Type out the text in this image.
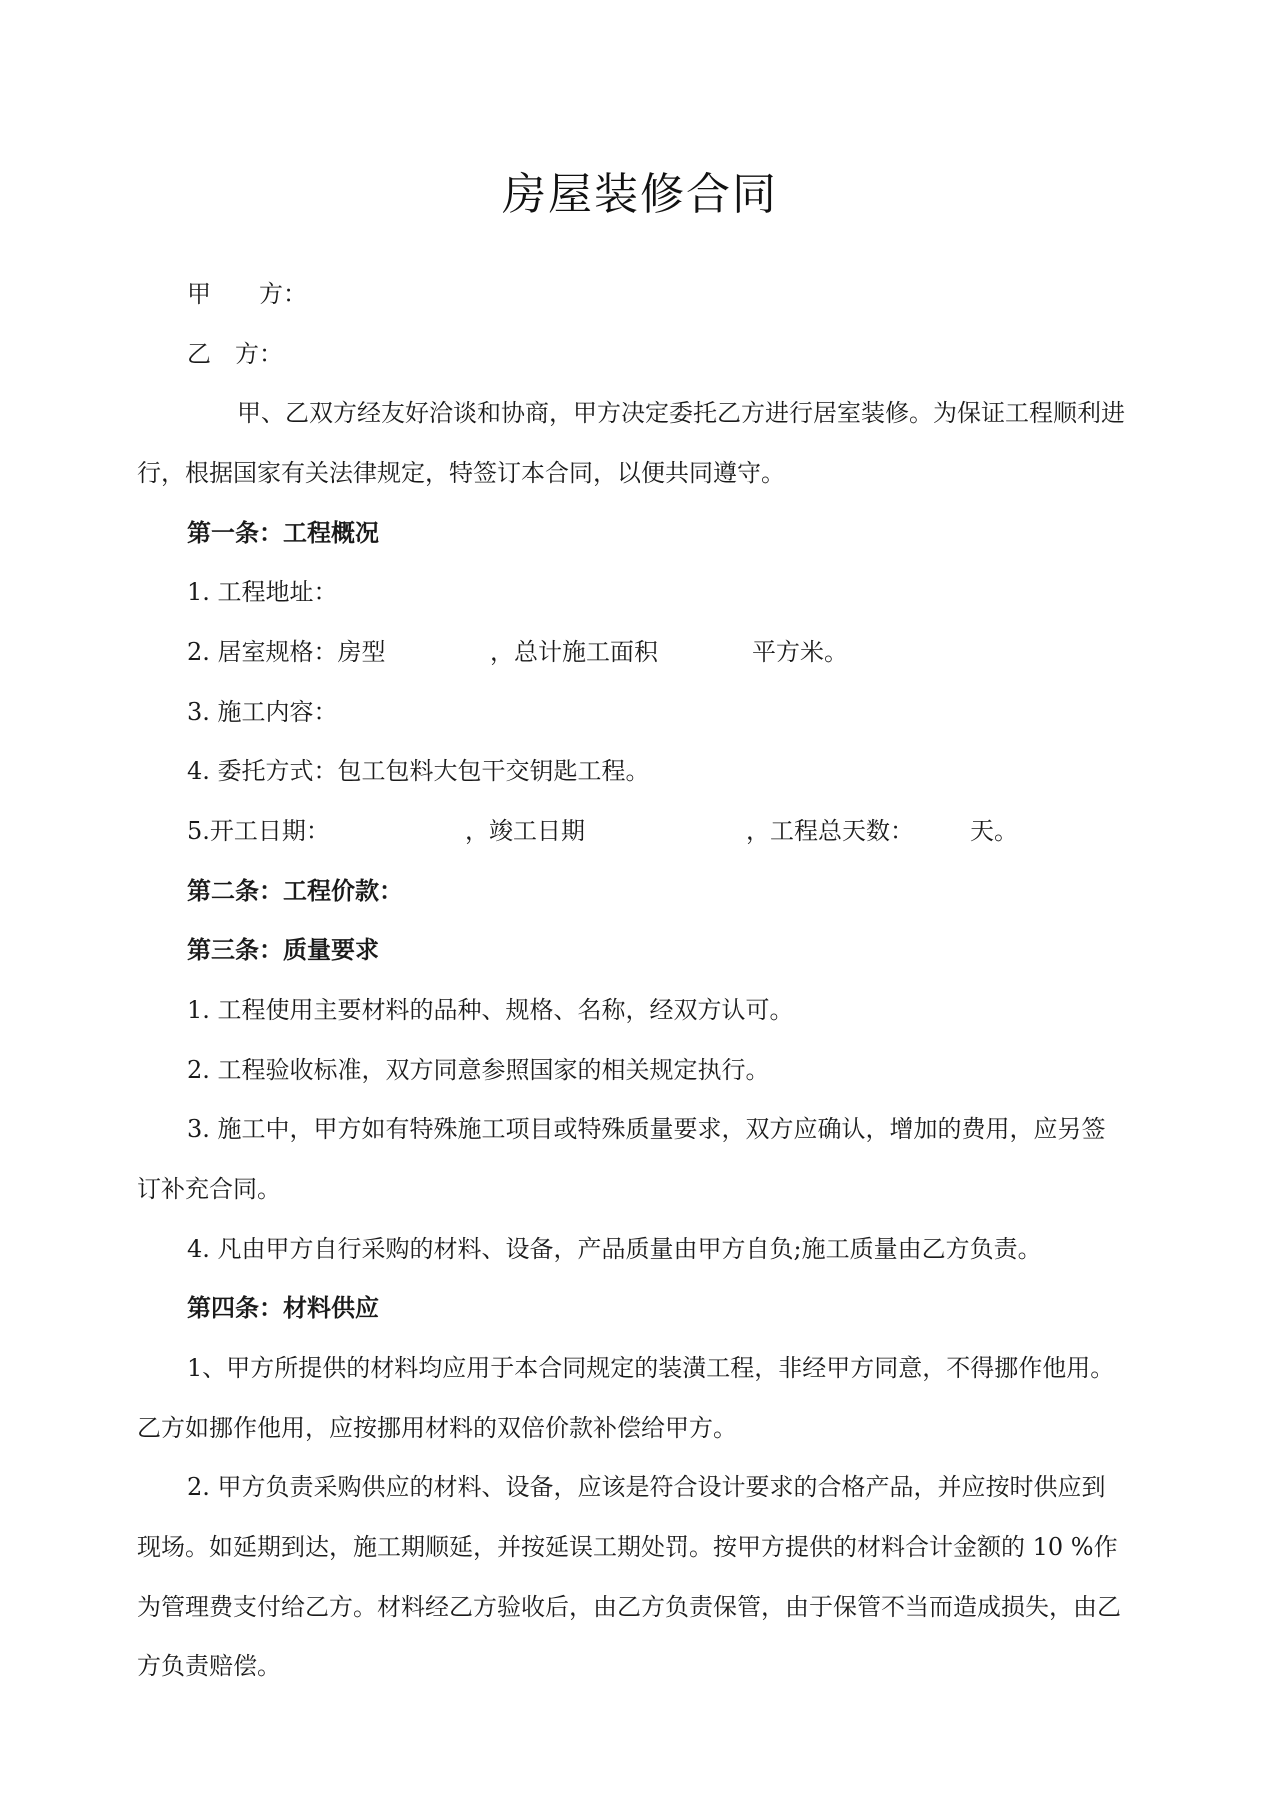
房屋装修合同
甲　　方：
乙　方：
甲、乙双方经友好洽谈和协商，甲方决定委托乙方进行居室装修。为保证工程顺利进
行，根据国家有关法律规定，特签订本合同，以便共同遵守。
第一条：工程概况
1. 工程地址：
2. 居室规格：房型	，总计施工面积	平方米。
3. 施工内容：
4. 委托方式：包工包料大包干交钥匙工程。
5.开工日期：	，竣工日期	，工程总天数： 天。
第二条：工程价款：
第三条：质量要求
1. 工程使用主要材料的品种、规格、名称，经双方认可。
2. 工程验收标准，双方同意参照国家的相关规定执行。
3. 施工中，甲方如有特殊施工项目或特殊质量要求，双方应确认，增加的费用，应另签
订补充合同。
4. 凡由甲方自行采购的材料、设备，产品质量由甲方自负;施工质量由乙方负责。
第四条：材料供应
1、甲方所提供的材料均应用于本合同规定的装潢工程，非经甲方同意，不得挪作他用。
乙方如挪作他用，应按挪用材料的双倍价款补偿给甲方。
2. 甲方负责采购供应的材料、设备，应该是符合设计要求的合格产品，并应按时供应到
现场。如延期到达，施工期顺延，并按延误工期处罚。按甲方提供的材料合计金额的 10 %作
为管理费支付给乙方。材料经乙方验收后，由乙方负责保管，由于保管不当而造成损失，由乙
方负责赔偿。
